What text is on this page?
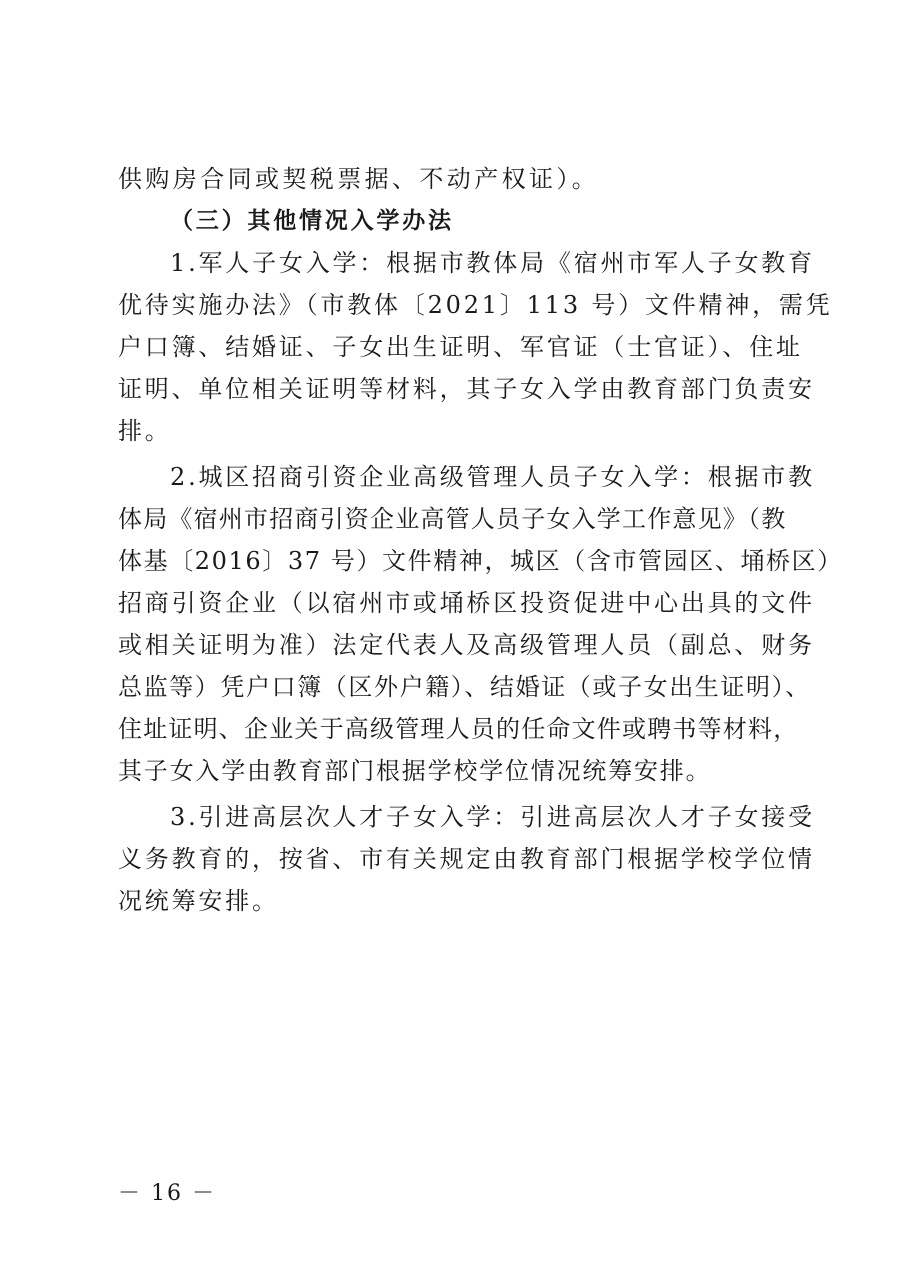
供购房合同或契税票据、不动产权证）。
（三）其他情况入学办法
1.军人子女入学：根据市教体局《宿州市军人子女教育
优待实施办法》（市教体〔2021〕113 号）文件精神，需凭
户口簿、结婚证、子女出生证明、军官证（士官证）、住址
证明、单位相关证明等材料，其子女入学由教育部门负责安
排。
2.城区招商引资企业高级管理人员子女入学：根据市教
体局《宿州市招商引资企业高管人员子女入学工作意见》（教
体基〔2016〕37 号）文件精神，城区（含市管园区、埇桥区）
招商引资企业（以宿州市或埇桥区投资促进中心出具的文件
或相关证明为准）法定代表人及高级管理人员（副总、财务
总监等）凭户口簿（区外户籍）、结婚证（或子女出生证明）、
住址证明、企业关于高级管理人员的任命文件或聘书等材料，
其子女入学由教育部门根据学校学位情况统筹安排。
3.引进高层次人才子女入学：引进高层次人才子女接受
义务教育的，按省、市有关规定由教育部门根据学校学位情
况统筹安排。
－ 16 －
